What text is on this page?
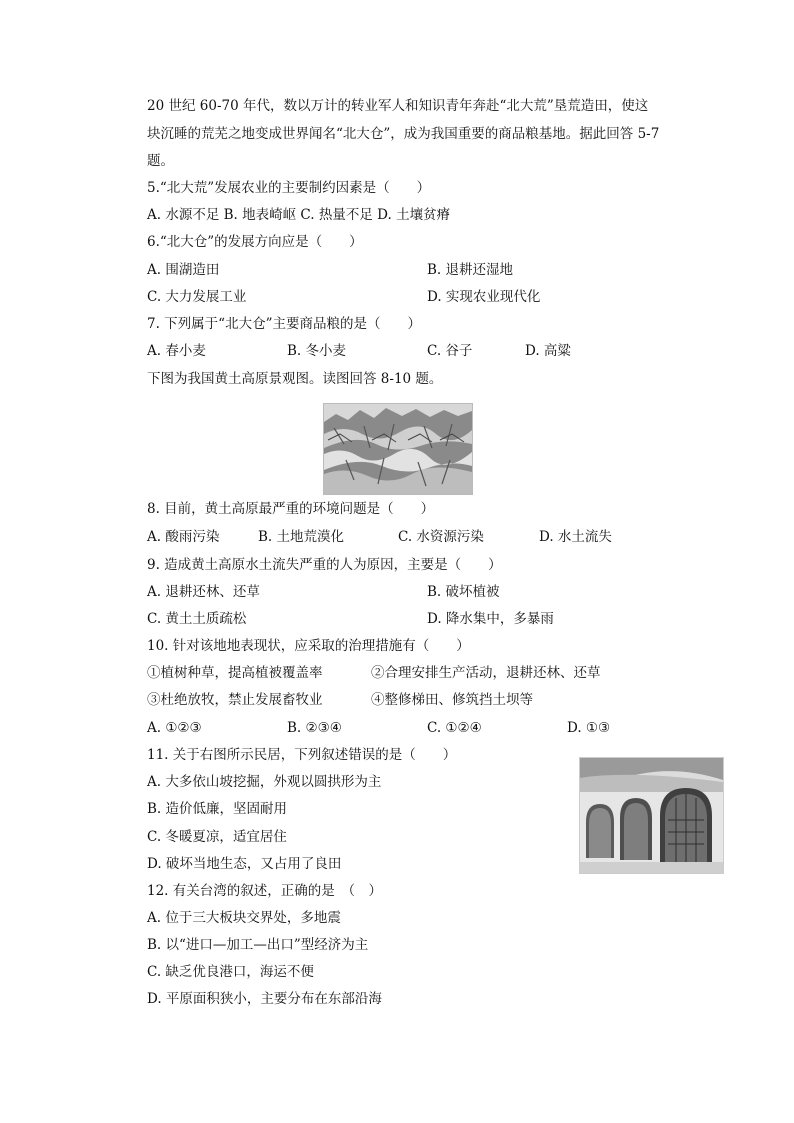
20 世纪 60-70 年代，数以万计的转业军人和知识青年奔赴“北大荒”垦荒造田，使这
块沉睡的荒芜之地变成世界闻名“北大仓”，成为我国重要的商品粮基地。据此回答 5-7
题。
5.“北大荒”发展农业的主要制约因素是（　　）
A. 水源不足 B. 地表崎岖 C. 热量不足 D. 土壤贫瘠
6.“北大仓”的发展方向应是（　　）
A. 围湖造田	B. 退耕还湿地
C. 大力发展工业	D. 实现农业现代化
7. 下列属于“北大仓”主要商品粮的是（　　）
A. 春小麦	B. 冬小麦	C. 谷子	D. 高粱
下图为我国黄土高原景观图。读图回答 8-10 题。
8. 目前，黄土高原最严重的环境问题是（　　）
A. 酸雨污染	B. 土地荒漠化	C. 水资源污染	D. 水土流失
9. 造成黄土高原水土流失严重的人为原因，主要是（　　）
A. 退耕还林、还草	B. 破坏植被
C. 黄土土质疏松	D. 降水集中，多暴雨
10. 针对该地地表现状，应采取的治理措施有（　　）
①植树种草，提高植被覆盖率	②合理安排生产活动，退耕还林、还草
③杜绝放牧，禁止发展畜牧业	④整修梯田、修筑挡土坝等
A. ①②③	B. ②③④	C. ①②④	D. ①③
11. 关于右图所示民居，下列叙述错误的是（　　）
A. 大多依山坡挖掘，外观以圆拱形为主
B. 造价低廉，坚固耐用
C. 冬暖夏凉，适宜居住
D. 破坏当地生态，又占用了良田
12. 有关台湾的叙述，正确的是　（　）
A. 位于三大板块交界处，多地震
B. 以“进口—加工—出口”型经济为主
C. 缺乏优良港口，海运不便
D. 平原面积狭小，主要分布在东部沿海
